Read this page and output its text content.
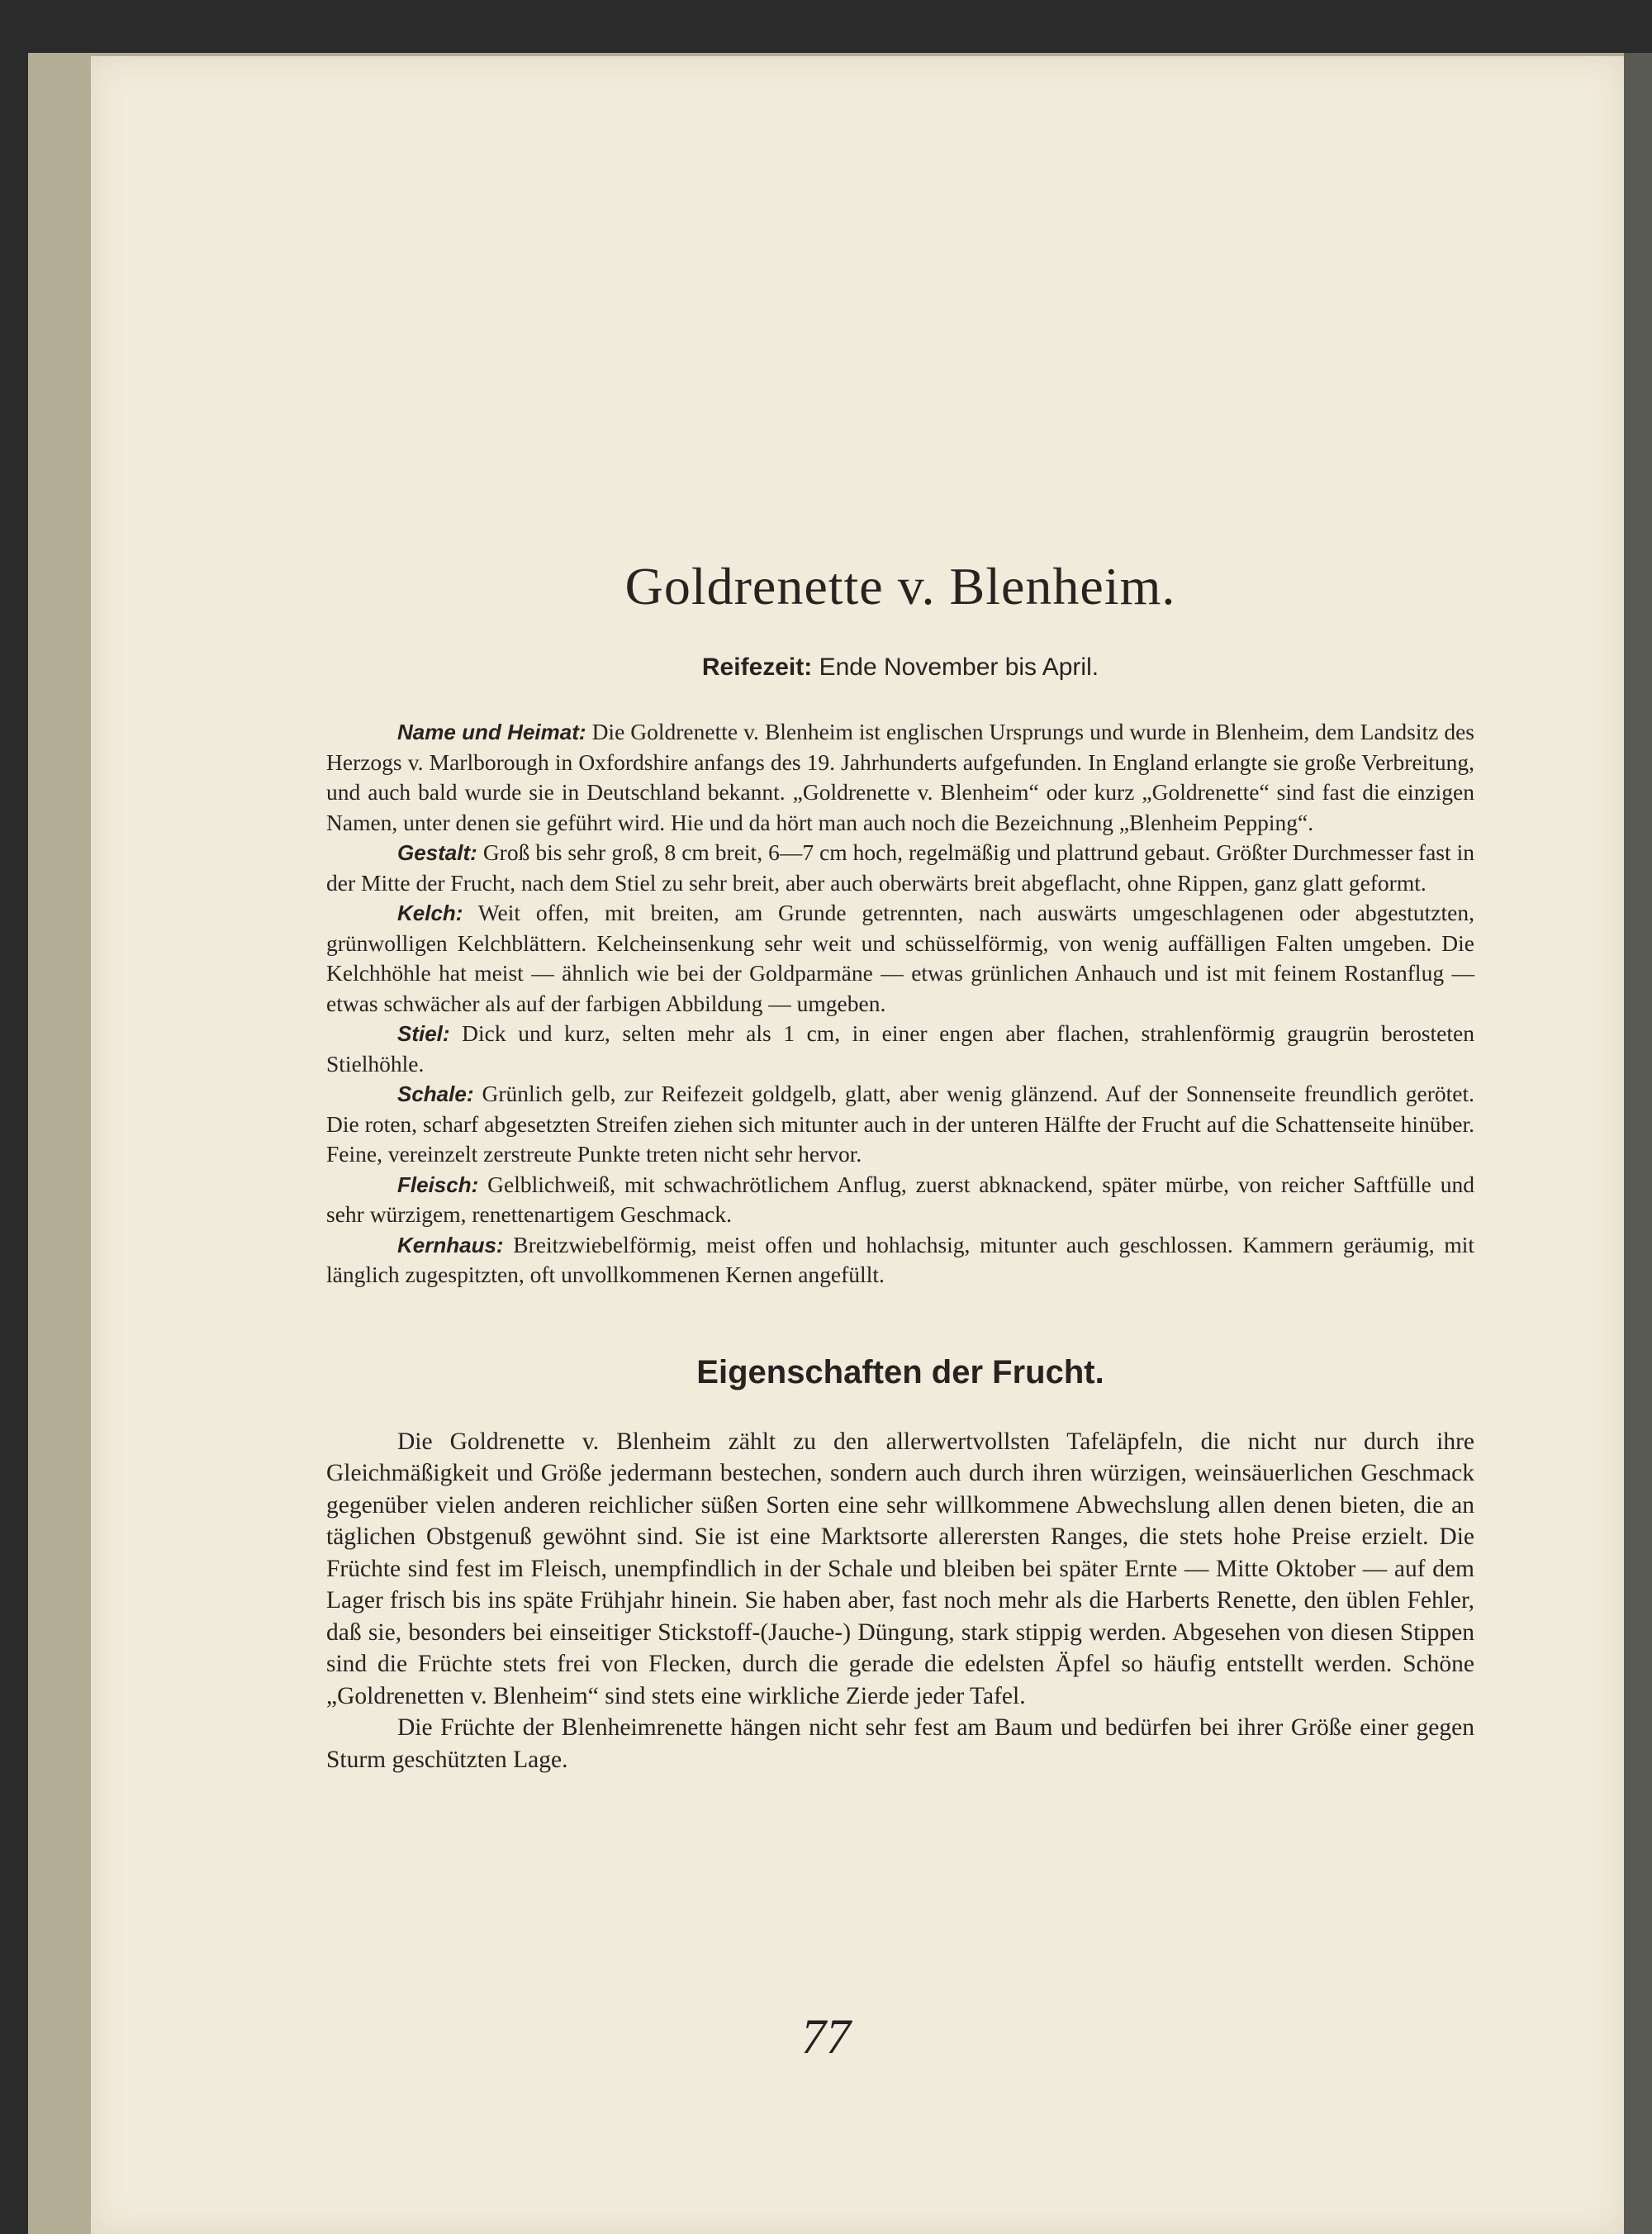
Goldrenette v. Blenheim.
Reifezeit: Ende November bis April.

Name und Heimat: Die Goldrenette v. Blenheim ist englischen Ursprungs und wurde in Blenheim, dem Landsitz des Herzogs v. Marlborough in Oxfordshire anfangs des 19. Jahrhunderts aufgefunden. In England erlangte sie große Verbreitung, und auch bald wurde sie in Deutschland bekannt. „Goldrenette v. Blenheim“ oder kurz „Goldrenette“ sind fast die einzigen Namen, unter denen sie geführt wird. Hie und da hört man auch noch die Bezeichnung „Blenheim Pepping“.

Gestalt: Groß bis sehr groß, 8 cm breit, 6—7 cm hoch, regelmäßig und plattrund gebaut. Größter Durchmesser fast in der Mitte der Frucht, nach dem Stiel zu sehr breit, aber auch oberwärts breit abgeflacht, ohne Rippen, ganz glatt geformt.

Kelch: Weit offen, mit breiten, am Grunde getrennten, nach auswärts umgeschlagenen oder abgestutzten, grünwolligen Kelchblättern. Kelcheinsenkung sehr weit und schüsselförmig, von wenig auffälligen Falten umgeben. Die Kelchhöhle hat meist — ähnlich wie bei der Goldparmäne — etwas grünlichen Anhauch und ist mit feinem Rostanflug — etwas schwächer als auf der farbigen Abbildung — umgeben.

Stiel: Dick und kurz, selten mehr als 1 cm, in einer engen aber flachen, strahlenförmig graugrün berosteten Stielhöhle.

Schale: Grünlich gelb, zur Reifezeit goldgelb, glatt, aber wenig glänzend. Auf der Sonnenseite freundlich gerötet. Die roten, scharf abgesetzten Streifen ziehen sich mitunter auch in der unteren Hälfte der Frucht auf die Schattenseite hinüber. Feine, vereinzelt zerstreute Punkte treten nicht sehr hervor.

Fleisch: Gelblichweiß, mit schwachrötlichem Anflug, zuerst abknackend, später mürbe, von reicher Saftfülle und sehr würzigem, renettenartigem Geschmack.

Kernhaus: Breitzwiebelförmig, meist offen und hohlachsig, mitunter auch geschlossen. Kammern geräumig, mit länglich zugespitzten, oft unvollkommenen Kernen angefüllt.

Eigenschaften der Frucht.

Die Goldrenette v. Blenheim zählt zu den allerwertvollsten Tafeläpfeln, die nicht nur durch ihre Gleichmäßigkeit und Größe jedermann bestechen, sondern auch durch ihren würzigen, weinsäuerlichen Geschmack gegenüber vielen anderen reichlicher süßen Sorten eine sehr willkommene Abwechslung allen denen bieten, die an täglichen Obstgenuß gewöhnt sind. Sie ist eine Marktsorte allerersten Ranges, die stets hohe Preise erzielt. Die Früchte sind fest im Fleisch, unempfindlich in der Schale und bleiben bei später Ernte — Mitte Oktober — auf dem Lager frisch bis ins späte Frühjahr hinein. Sie haben aber, fast noch mehr als die Harberts Renette, den üblen Fehler, daß sie, besonders bei einseitiger Stickstoff-(Jauche-) Düngung, stark stippig werden. Abgesehen von diesen Stippen sind die Früchte stets frei von Flecken, durch die gerade die edelsten Äpfel so häufig entstellt werden. Schöne „Goldrenetten v. Blenheim“ sind stets eine wirkliche Zierde jeder Tafel.

Die Früchte der Blenheimrenette hängen nicht sehr fest am Baum und bedürfen bei ihrer Größe einer gegen Sturm geschützten Lage.

77
